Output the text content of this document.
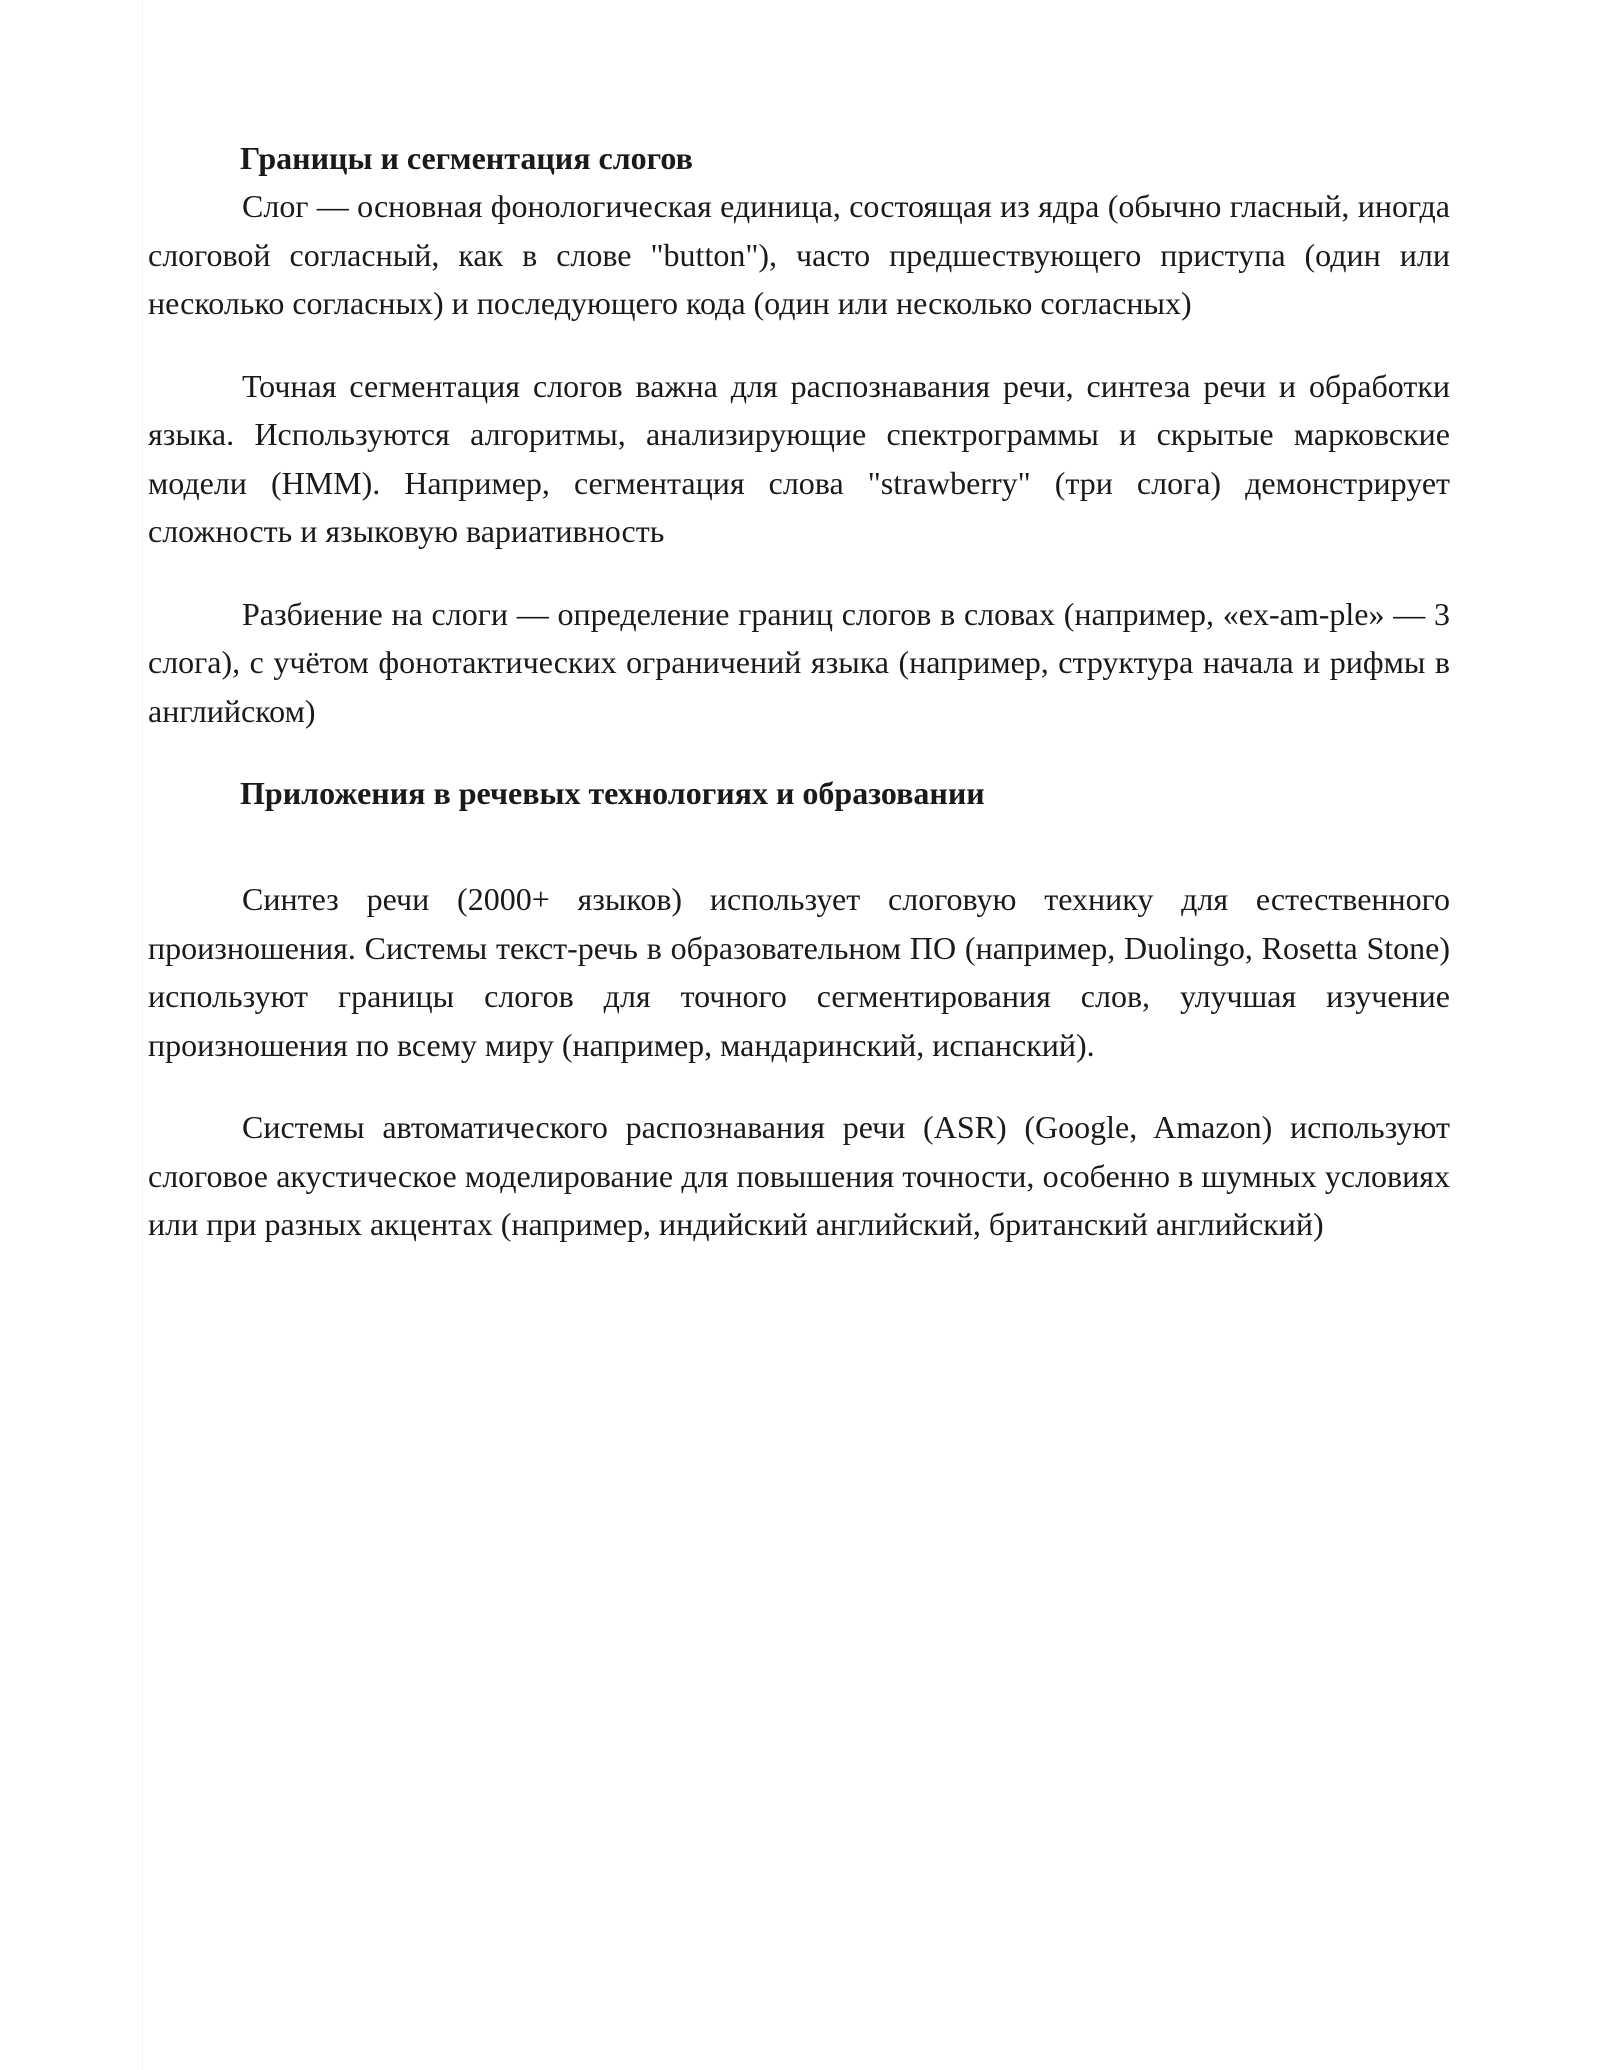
Границы и сегментация слогов

Слог — основная фонологическая единица, состоящая из ядра (обычно гласный, иногда слоговой согласный, как в слове "button"), часто предшествующего приступа (один или несколько согласных) и последующего кода (один или несколько согласных)

Точная сегментация слогов важна для распознавания речи, синтеза речи и обработки языка. Используются алгоритмы, анализирующие спектрограммы и скрытые марковские модели (HMM). Например, сегментация слова "strawberry" (три слога) демонстрирует сложность и языковую вариативность

Разбиение на слоги — определение границ слогов в словах (например, «ex-am-ple» — 3 слога), с учётом фонотактических ограничений языка (например, структура начала и рифмы в английском)

Приложения в речевых технологиях и образовании

Синтез речи (2000+ языков) использует слоговую технику для естественного произношения. Системы текст-речь в образовательном ПО (например, Duolingo, Rosetta Stone) используют границы слогов для точного сегментирования слов, улучшая изучение произношения по всему миру (например, мандаринский, испанский).

Системы автоматического распознавания речи (ASR) (Google, Amazon) используют слоговое акустическое моделирование для повышения точности, особенно в шумных условиях или при разных акцентах (например, индийский английский, британский английский)
